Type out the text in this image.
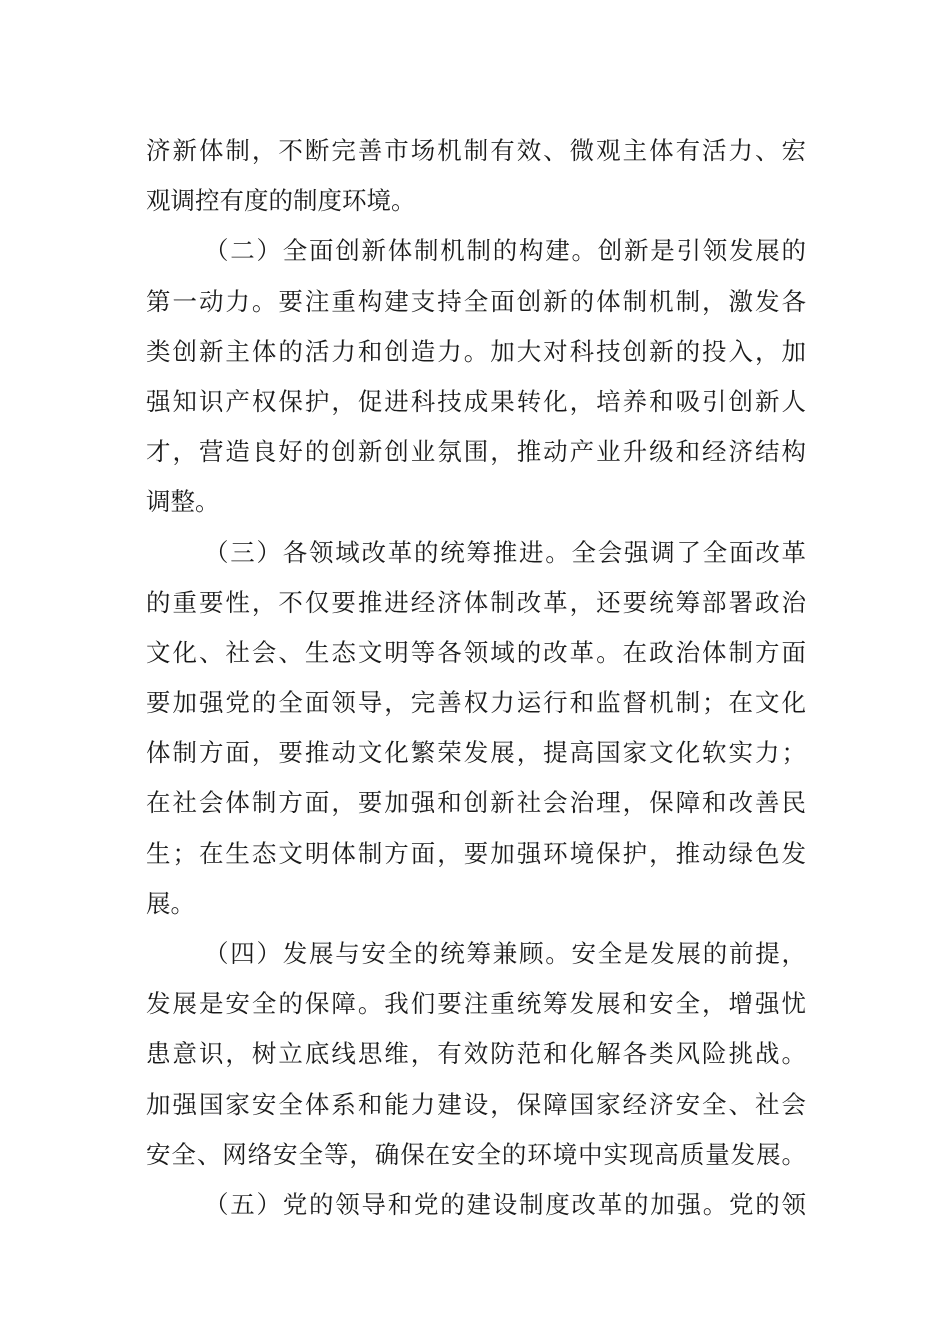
济新体制，不断完善市场机制有效、微观主体有活力、宏
观调控有度的制度环境。
（二）全面创新体制机制的构建。创新是引领发展的
第一动力。要注重构建支持全面创新的体制机制，激发各
类创新主体的活力和创造力。加大对科技创新的投入，加
强知识产权保护，促进科技成果转化，培养和吸引创新人
才，营造良好的创新创业氛围，推动产业升级和经济结构
调整。
（三）各领域改革的统筹推进。全会强调了全面改革
的重要性，不仅要推进经济体制改革，还要统筹部署政治
文化、社会、生态文明等各领域的改革。在政治体制方面
要加强党的全面领导，完善权力运行和监督机制；在文化
体制方面，要推动文化繁荣发展，提高国家文化软实力；
在社会体制方面，要加强和创新社会治理，保障和改善民
生；在生态文明体制方面，要加强环境保护，推动绿色发
展。
（四）发展与安全的统筹兼顾。安全是发展的前提，
发展是安全的保障。我们要注重统筹发展和安全，增强忧
患意识，树立底线思维，有效防范和化解各类风险挑战。
加强国家安全体系和能力建设，保障国家经济安全、社会
安全、网络安全等，确保在安全的环境中实现高质量发展。
（五）党的领导和党的建设制度改革的加强。党的领
